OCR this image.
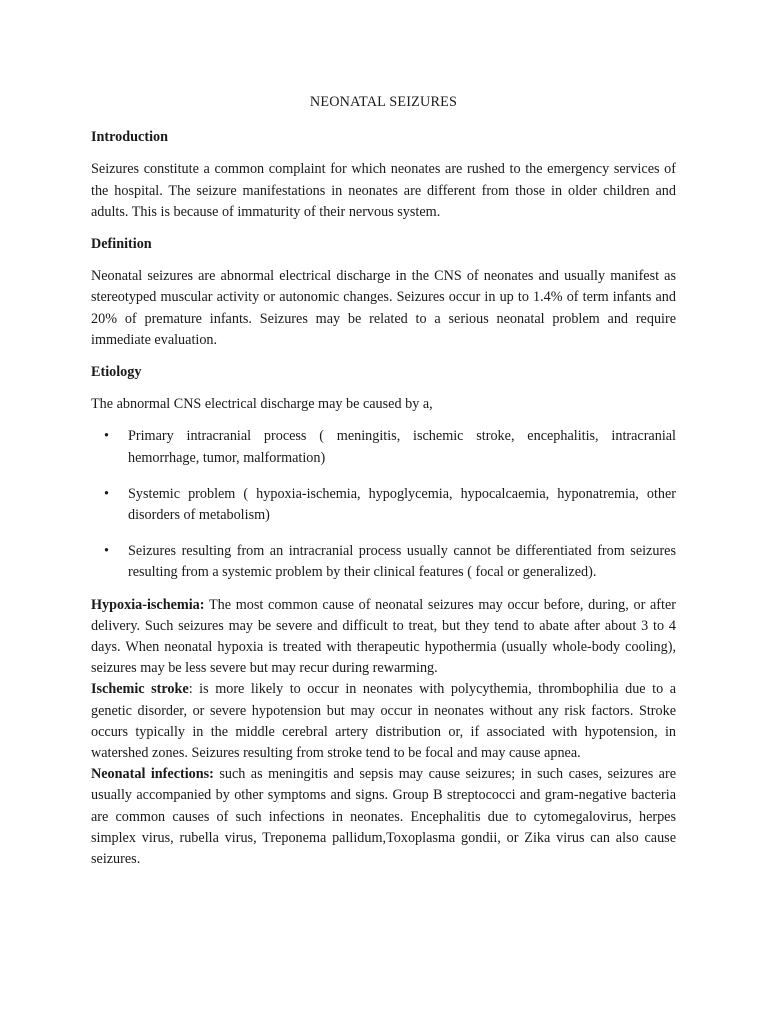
NEONATAL SEIZURES
Introduction
Seizures constitute a common complaint for which neonates are rushed to the emergency services of the hospital. The seizure manifestations in neonates are different from those in older children and adults. This is because of immaturity of their nervous system.
Definition
Neonatal seizures are abnormal electrical discharge in the CNS of neonates and usually manifest as stereotyped muscular activity or autonomic changes. Seizures occur in up to 1.4% of term infants and 20% of premature infants. Seizures may be related to a serious neonatal problem and require immediate evaluation.
Etiology
The abnormal CNS electrical discharge may be caused by a,
• Primary intracranial process ( meningitis, ischemic stroke, encephalitis, intracranial hemorrhage, tumor, malformation)
• Systemic problem ( hypoxia-ischemia, hypoglycemia, hypocalcaemia, hyponatremia, other disorders of metabolism)
• Seizures resulting from an intracranial process usually cannot be differentiated from seizures resulting from a systemic problem by their clinical features ( focal or generalized).
Hypoxia-ischemia: The most common cause of neonatal seizures may occur before, during, or after delivery. Such seizures may be severe and difficult to treat, but they tend to abate after about 3 to 4 days. When neonatal hypoxia is treated with therapeutic hypothermia (usually whole-body cooling), seizures may be less severe but may recur during rewarming.
Ischemic stroke: is more likely to occur in neonates with polycythemia, thrombophilia due to a genetic disorder, or severe hypotension but may occur in neonates without any risk factors. Stroke occurs typically in the middle cerebral artery distribution or, if associated with hypotension, in watershed zones. Seizures resulting from stroke tend to be focal and may cause apnea.
Neonatal infections: such as meningitis and sepsis may cause seizures; in such cases, seizures are usually accompanied by other symptoms and signs. Group B streptococci and gram-negative bacteria are common causes of such infections in neonates. Encephalitis due to cytomegalovirus, herpes simplex virus, rubella virus, Treponema pallidum,Toxoplasma gondii, or Zika virus can also cause seizures.
